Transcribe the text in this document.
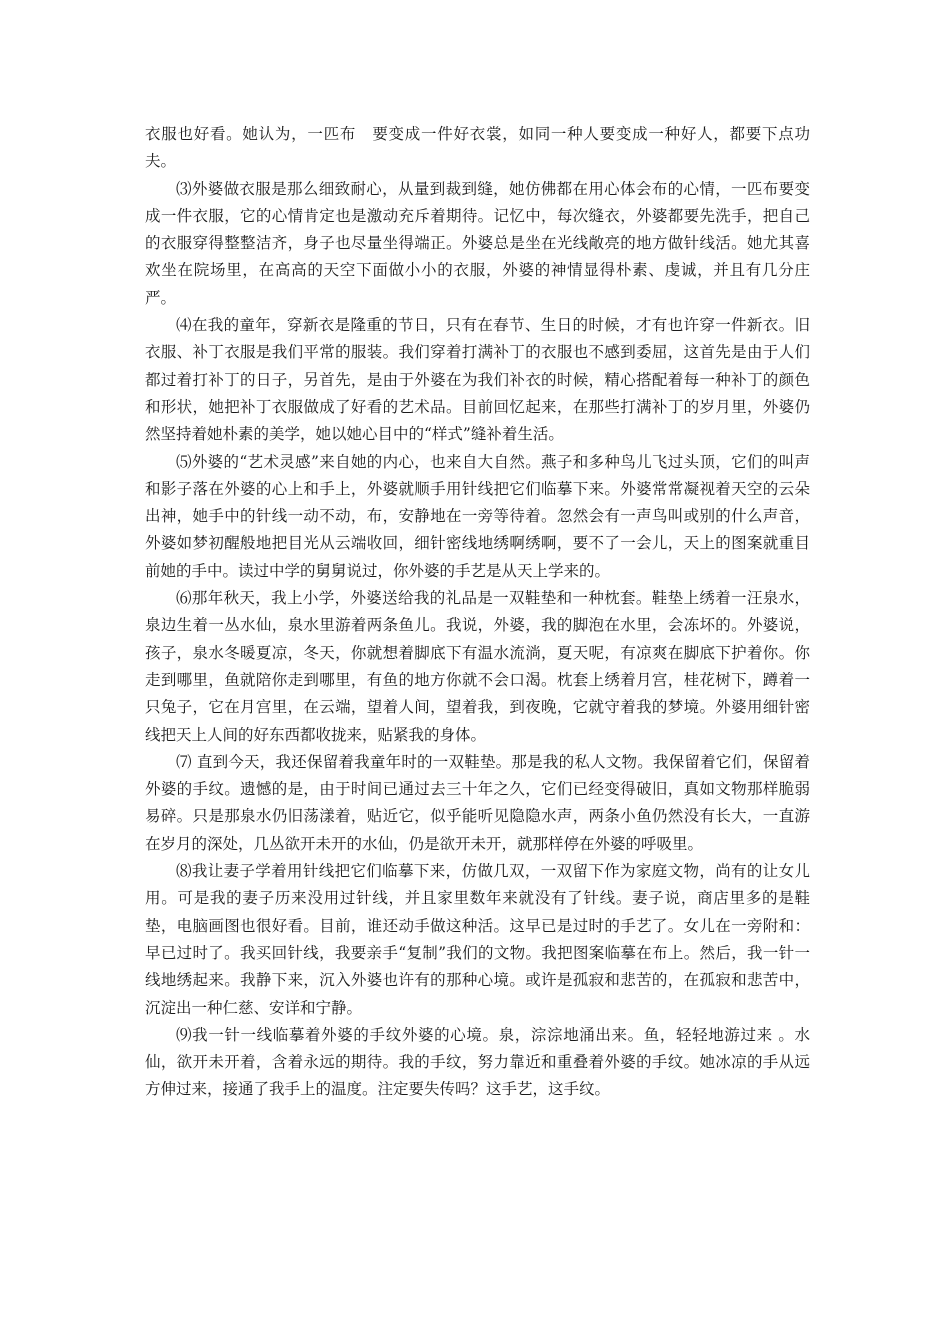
衣服也好看。她认为，一匹布　要变成一件好衣裳，如同一种人要变成一种好人，都要下点功夫。

⑶外婆做衣服是那么细致耐心，从量到裁到缝，她仿佛都在用心体会布的心情，一匹布要变成一件衣服，它的心情肯定也是激动充斥着期待。记忆中，每次缝衣，外婆都要先洗手，把自己的衣服穿得整整洁齐，身子也尽量坐得端正。外婆总是坐在光线敞亮的地方做针线活。她尤其喜欢坐在院场里，在高高的天空下面做小小的衣服，外婆的神情显得朴素、虔诚，并且有几分庄严。

⑷在我的童年，穿新衣是隆重的节日，只有在春节、生日的时候，才有也许穿一件新衣。旧衣服、补丁衣服是我们平常的服装。我们穿着打满补丁的衣服也不感到委屈，这首先是由于人们都过着打补丁的日子，另首先，是由于外婆在为我们补衣的时候，精心搭配着每一种补丁的颜色和形状，她把补丁衣服做成了好看的艺术品。目前回忆起来，在那些打满补丁的岁月里，外婆仍然坚持着她朴素的美学，她以她心目中的“样式”缝补着生活。

⑸外婆的“艺术灵感”来自她的内心，也来自大自然。燕子和多种鸟儿飞过头顶，它们的叫声和影子落在外婆的心上和手上，外婆就顺手用针线把它们临摹下来。外婆常常凝视着天空的云朵出神，她手中的针线一动不动，布，安静地在一旁等待着。忽然会有一声鸟叫或别的什么声音，外婆如梦初醒般地把目光从云端收回，细针密线地绣啊绣啊，要不了一会儿，天上的图案就重目前她的手中。读过中学的舅舅说过，你外婆的手艺是从天上学来的。

⑹那年秋天，我上小学，外婆送给我的礼品是一双鞋垫和一种枕套。鞋垫上绣着一汪泉水，泉边生着一丛水仙，泉水里游着两条鱼儿。我说，外婆，我的脚泡在水里，会冻坏的。外婆说，孩子，泉水冬暖夏凉，冬天，你就想着脚底下有温水流淌，夏天呢，有凉爽在脚底下护着你。你走到哪里，鱼就陪你走到哪里，有鱼的地方你就不会口渴。枕套上绣着月宫，桂花树下，蹲着一只兔子，它在月宫里，在云端，望着人间，望着我，到夜晚，它就守着我的梦境。外婆用细针密线把天上人间的好东西都收拢来，贴紧我的身体。

⑺ 直到今天，我还保留着我童年时的一双鞋垫。那是我的私人文物。我保留着它们，保留着外婆的手纹。遗憾的是，由于时间已通过去三十年之久，它们已经变得破旧，真如文物那样脆弱易碎。只是那泉水仍旧荡漾着，贴近它，似乎能听见隐隐水声，两条小鱼仍然没有长大，一直游在岁月的深处，几丛欲开未开的水仙，仍是欲开未开，就那样停在外婆的呼吸里。

⑻我让妻子学着用针线把它们临摹下来，仿做几双，一双留下作为家庭文物，尚有的让女儿用。可是我的妻子历来没用过针线，并且家里数年来就没有了针线。妻子说，商店里多的是鞋垫，电脑画图也很好看。目前，谁还动手做这种活。这早已是过时的手艺了。女儿在一旁附和：早已过时了。我买回针线，我要亲手“复制”我们的文物。我把图案临摹在布上。然后，我一针一线地绣起来。我静下来，沉入外婆也许有的那种心境。或许是孤寂和悲苦的，在孤寂和悲苦中，沉淀出一种仁慈、安详和宁静。

⑼我一针一线临摹着外婆的手纹外婆的心境。泉，淙淙地涌出来。鱼，轻轻地游过来 。水仙，欲开未开着，含着永远的期待。我的手纹，努力靠近和重叠着外婆的手纹。她冰凉的手从远方伸过来，接通了我手上的温度。注定要失传吗？这手艺，这手纹。
